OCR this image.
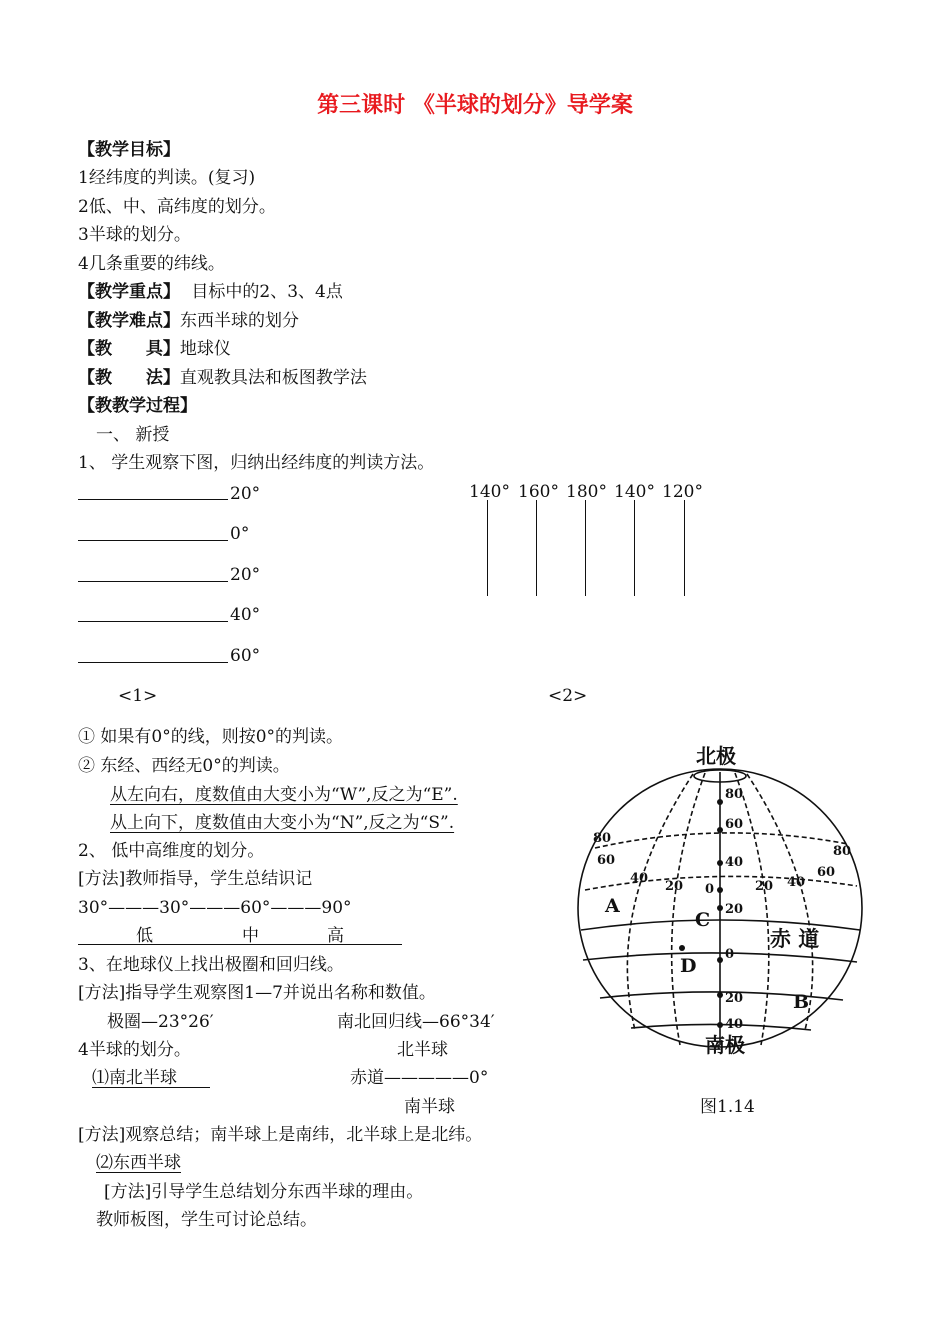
第三课时 《半球的划分》导学案
【教学目标】
1经纬度的判读。(复习)
2低、中、高纬度的划分。
3半球的划分。
4几条重要的纬线。
【教学重点】 目标中的2、3、4点
【教学难点】东西半球的划分
【教 具】地球仪
【教 法】直观教具法和板图教学法
【教教学过程】
一、 新授
1、 学生观察下图，归纳出经纬度的判读方法。
20°
0°
20°
40°
60°
<1>
140° 160° 180° 140° 120°
<2>
① 如果有0°的线，则按0°的判读。
② 东经、西经无0°的判读。
从左向右，度数值由大变小为“W”,反之为“E”.
从上向下，度数值由大变小为“N”,反之为“S”.
2、 低中高维度的划分。
[方法]教师指导，学生总结识记
30°———30°———60°———90°
低	中	高
3、在地球仪上找出极圈和回归线。
[方法]指导学生观察图1—7并说出名称和数值。
极圈—23°26′	南北回归线—66°34′
4半球的划分。	北半球
⑴南北半球	赤道—————0°
南半球
[方法]观察总结；南半球上是南纬，北半球上是北纬。
⑵东西半球
[方法]引导学生总结划分东西半球的理由。
教师板图，学生可讨论总结。
80
60
40
20
0
20
40
80
60
40
20 0	20 40
60
80
A
B
C
D
赤 道
北极
南极
图1.14
